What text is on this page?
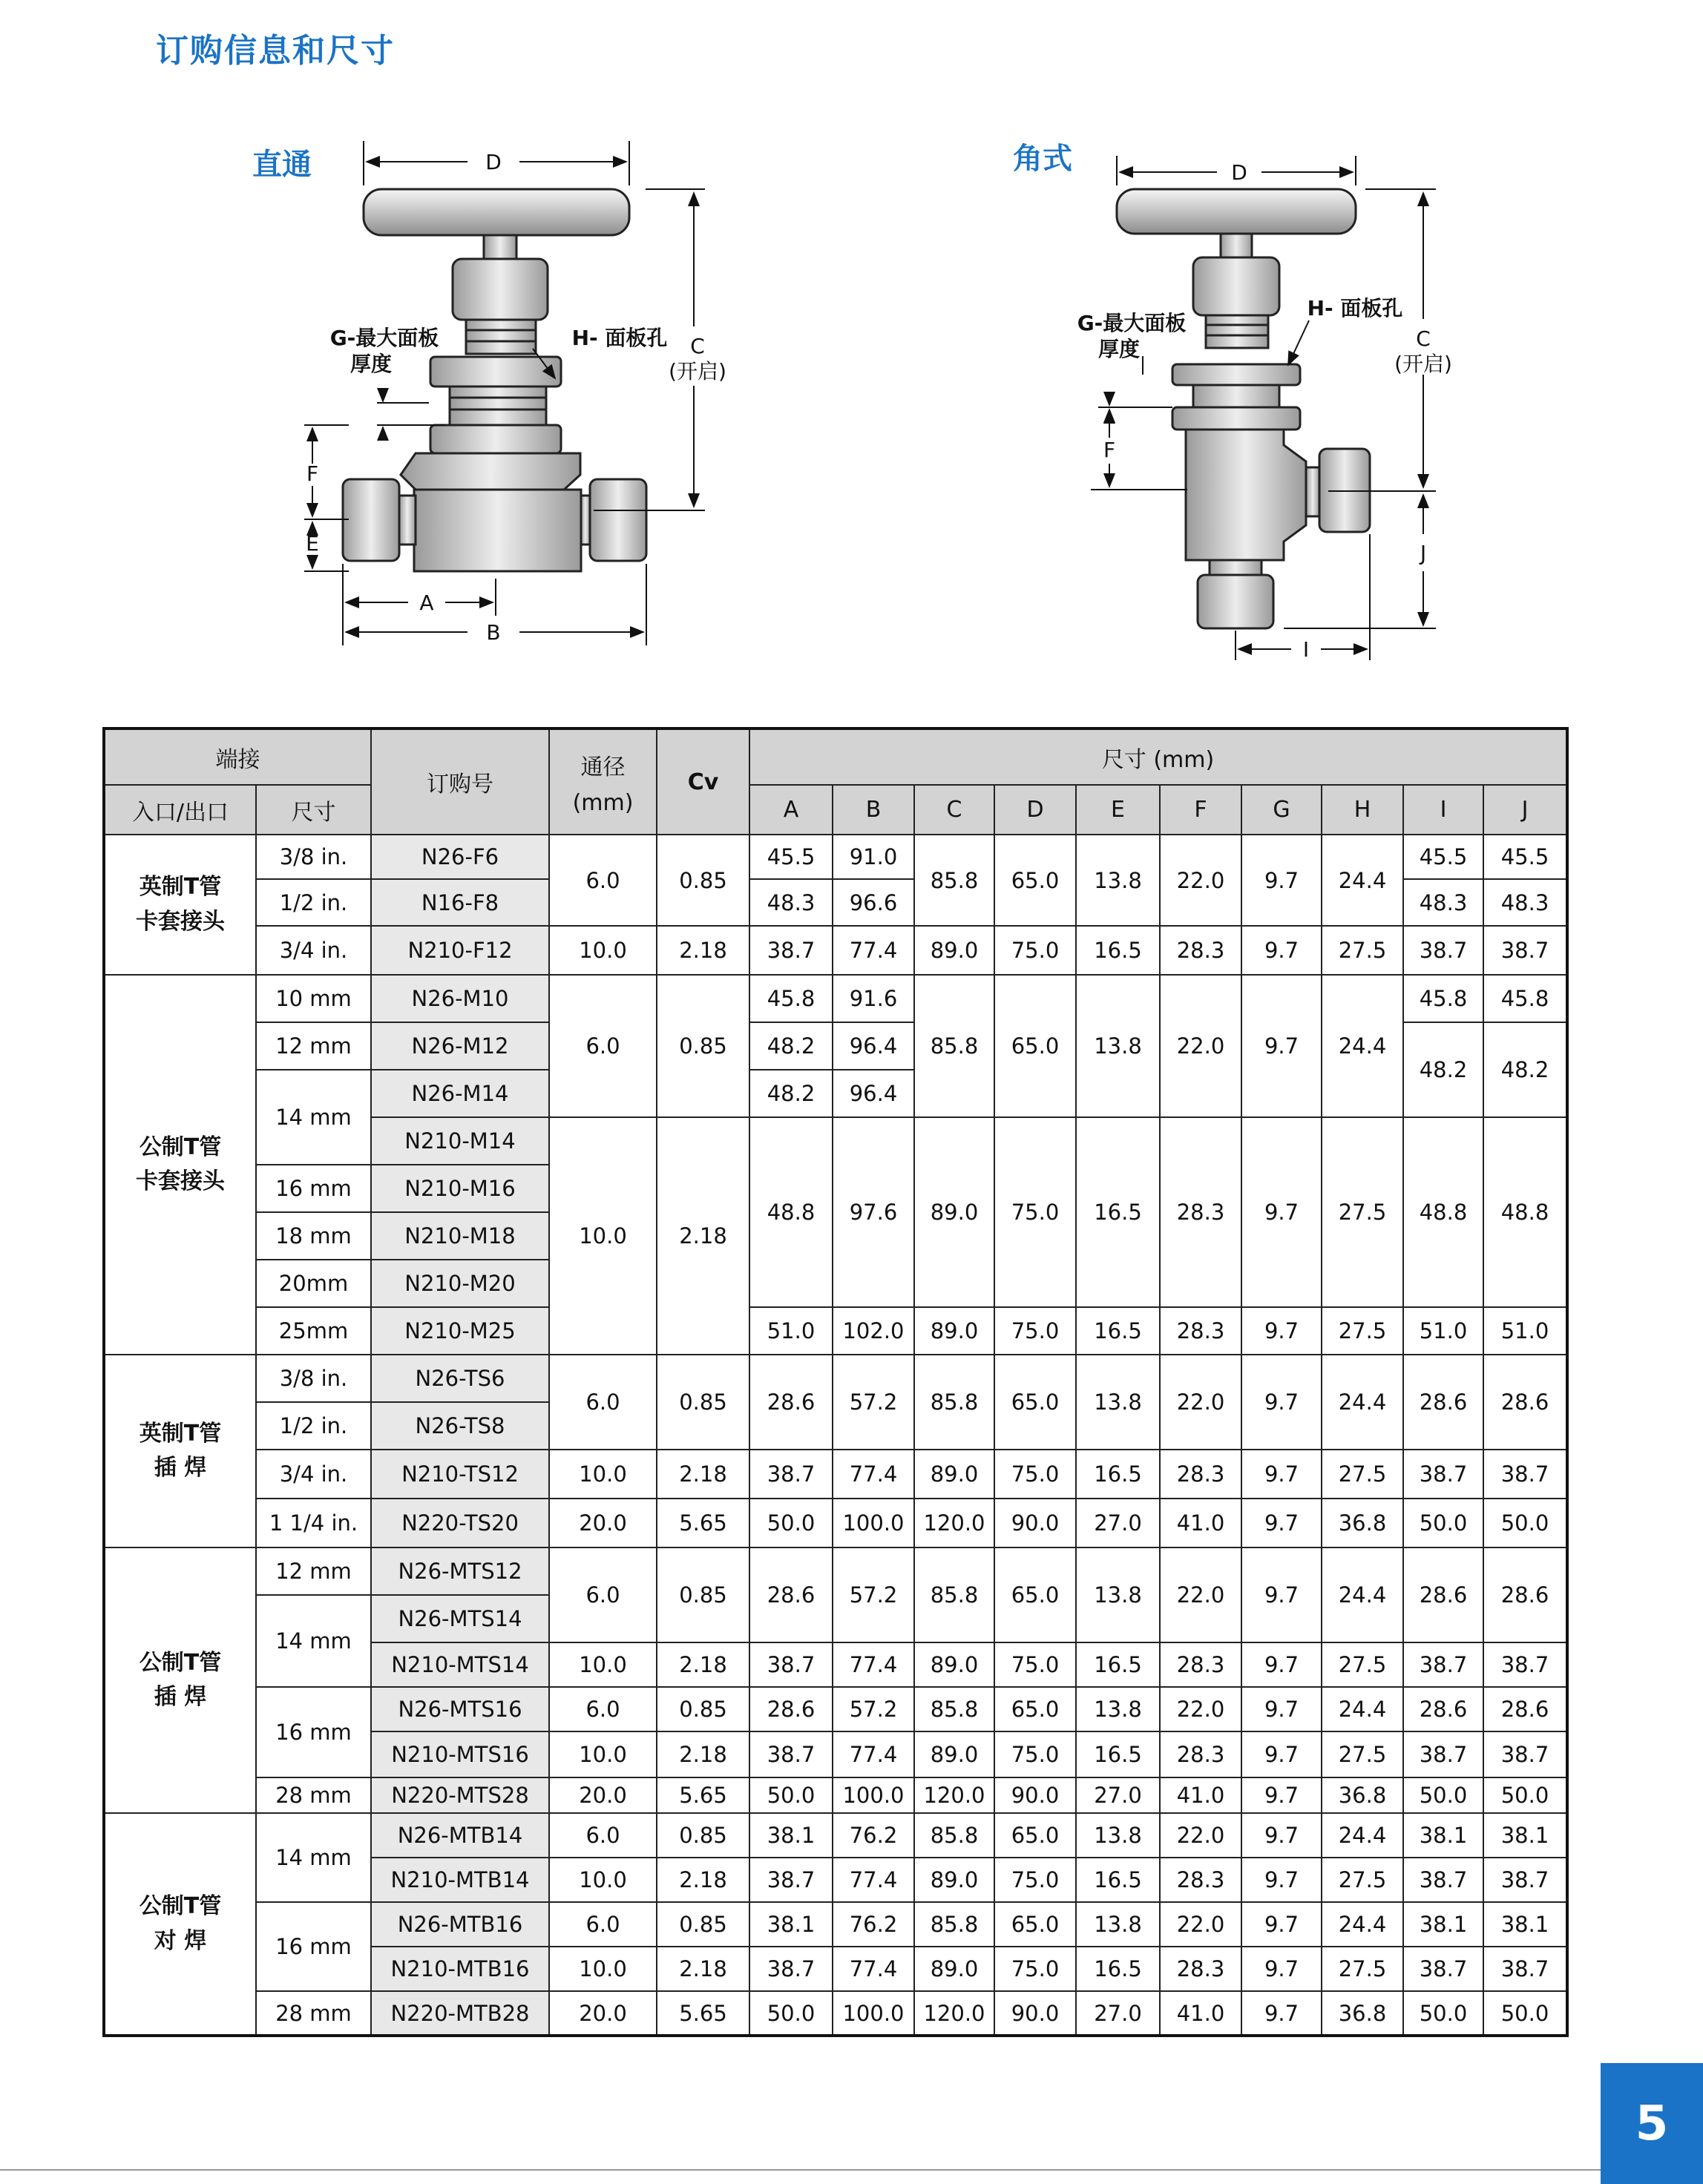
订购信息和尺寸
直通	角式
D
C
(开启)
G-最大面板
厚度
H- 面板孔
F
E
A
B
D
C
(开启)
G-最大面板
厚度
H- 面板孔
F
J
I
端接		订购号	通径
(mm)	Cv	尺寸 (mm)									
入口/出口	尺寸				A	B	C	D	E	F	G	H	I	J

英制T管
卡套接头	3/8 in.	N26-F6	6.0	0.85	45.5	91.0	85.8	65.0	13.8	22.0	9.7	24.4	45.5	45.5
	1/2 in.	N16-F8			48.3	96.6							48.3	48.3
	3/4 in.	N210-F12	10.0	2.18	38.7	77.4	89.0	75.0	16.5	28.3	9.7	27.5	38.7	38.7

公制T管
卡套接头	10 mm	N26-M10	6.0	0.85	45.8	91.6	85.8	65.0	13.8	22.0	9.7	24.4	45.8	45.8
	12 mm	N26-M12			48.2	96.4							48.2	48.2
	14 mm	N26-M14			48.2	96.4								
		N210-M14	10.0	2.18	48.8	97.6	89.0	75.0	16.5	28.3	9.7	27.5	48.8	48.8
	16 mm	N210-M16												
	18 mm	N210-M18												
	20mm	N210-M20												
	25mm	N210-M25			51.0	102.0	89.0	75.0	16.5	28.3	9.7	27.5	51.0	51.0

英制T管
插 焊	3/8 in.	N26-TS6	6.0	0.85	28.6	57.2	85.8	65.0	13.8	22.0	9.7	24.4	28.6	28.6
	1/2 in.	N26-TS8												
	3/4 in.	N210-TS12	10.0	2.18	38.7	77.4	89.0	75.0	16.5	28.3	9.7	27.5	38.7	38.7
	1 1/4 in.	N220-TS20	20.0	5.65	50.0	100.0	120.0	90.0	27.0	41.0	9.7	36.8	50.0	50.0

公制T管
插 焊	12 mm	N26-MTS12	6.0	0.85	28.6	57.2	85.8	65.0	13.8	22.0	9.7	24.4	28.6	28.6
	14 mm	N26-MTS14												
		N210-MTS14	10.0	2.18	38.7	77.4	89.0	75.0	16.5	28.3	9.7	27.5	38.7	38.7
	16 mm	N26-MTS16	6.0	0.85	28.6	57.2	85.8	65.0	13.8	22.0	9.7	24.4	28.6	28.6
		N210-MTS16	10.0	2.18	38.7	77.4	89.0	75.0	16.5	28.3	9.7	27.5	38.7	38.7
	28 mm	N220-MTS28	20.0	5.65	50.0	100.0	120.0	90.0	27.0	41.0	9.7	36.8	50.0	50.0

公制T管
对 焊	14 mm	N26-MTB14	6.0	0.85	38.1	76.2	85.8	65.0	13.8	22.0	9.7	24.4	38.1	38.1
		N210-MTB14	10.0	2.18	38.7	77.4	89.0	75.0	16.5	28.3	9.7	27.5	38.7	38.7
	16 mm	N26-MTB16	6.0	0.85	38.1	76.2	85.8	65.0	13.8	22.0	9.7	24.4	38.1	38.1
		N210-MTB16	10.0	2.18	38.7	77.4	89.0	75.0	16.5	28.3	9.7	27.5	38.7	38.7
	28 mm	N220-MTB28	20.0	5.65	50.0	100.0	120.0	90.0	27.0	41.0	9.7	36.8	50.0	50.0
5
